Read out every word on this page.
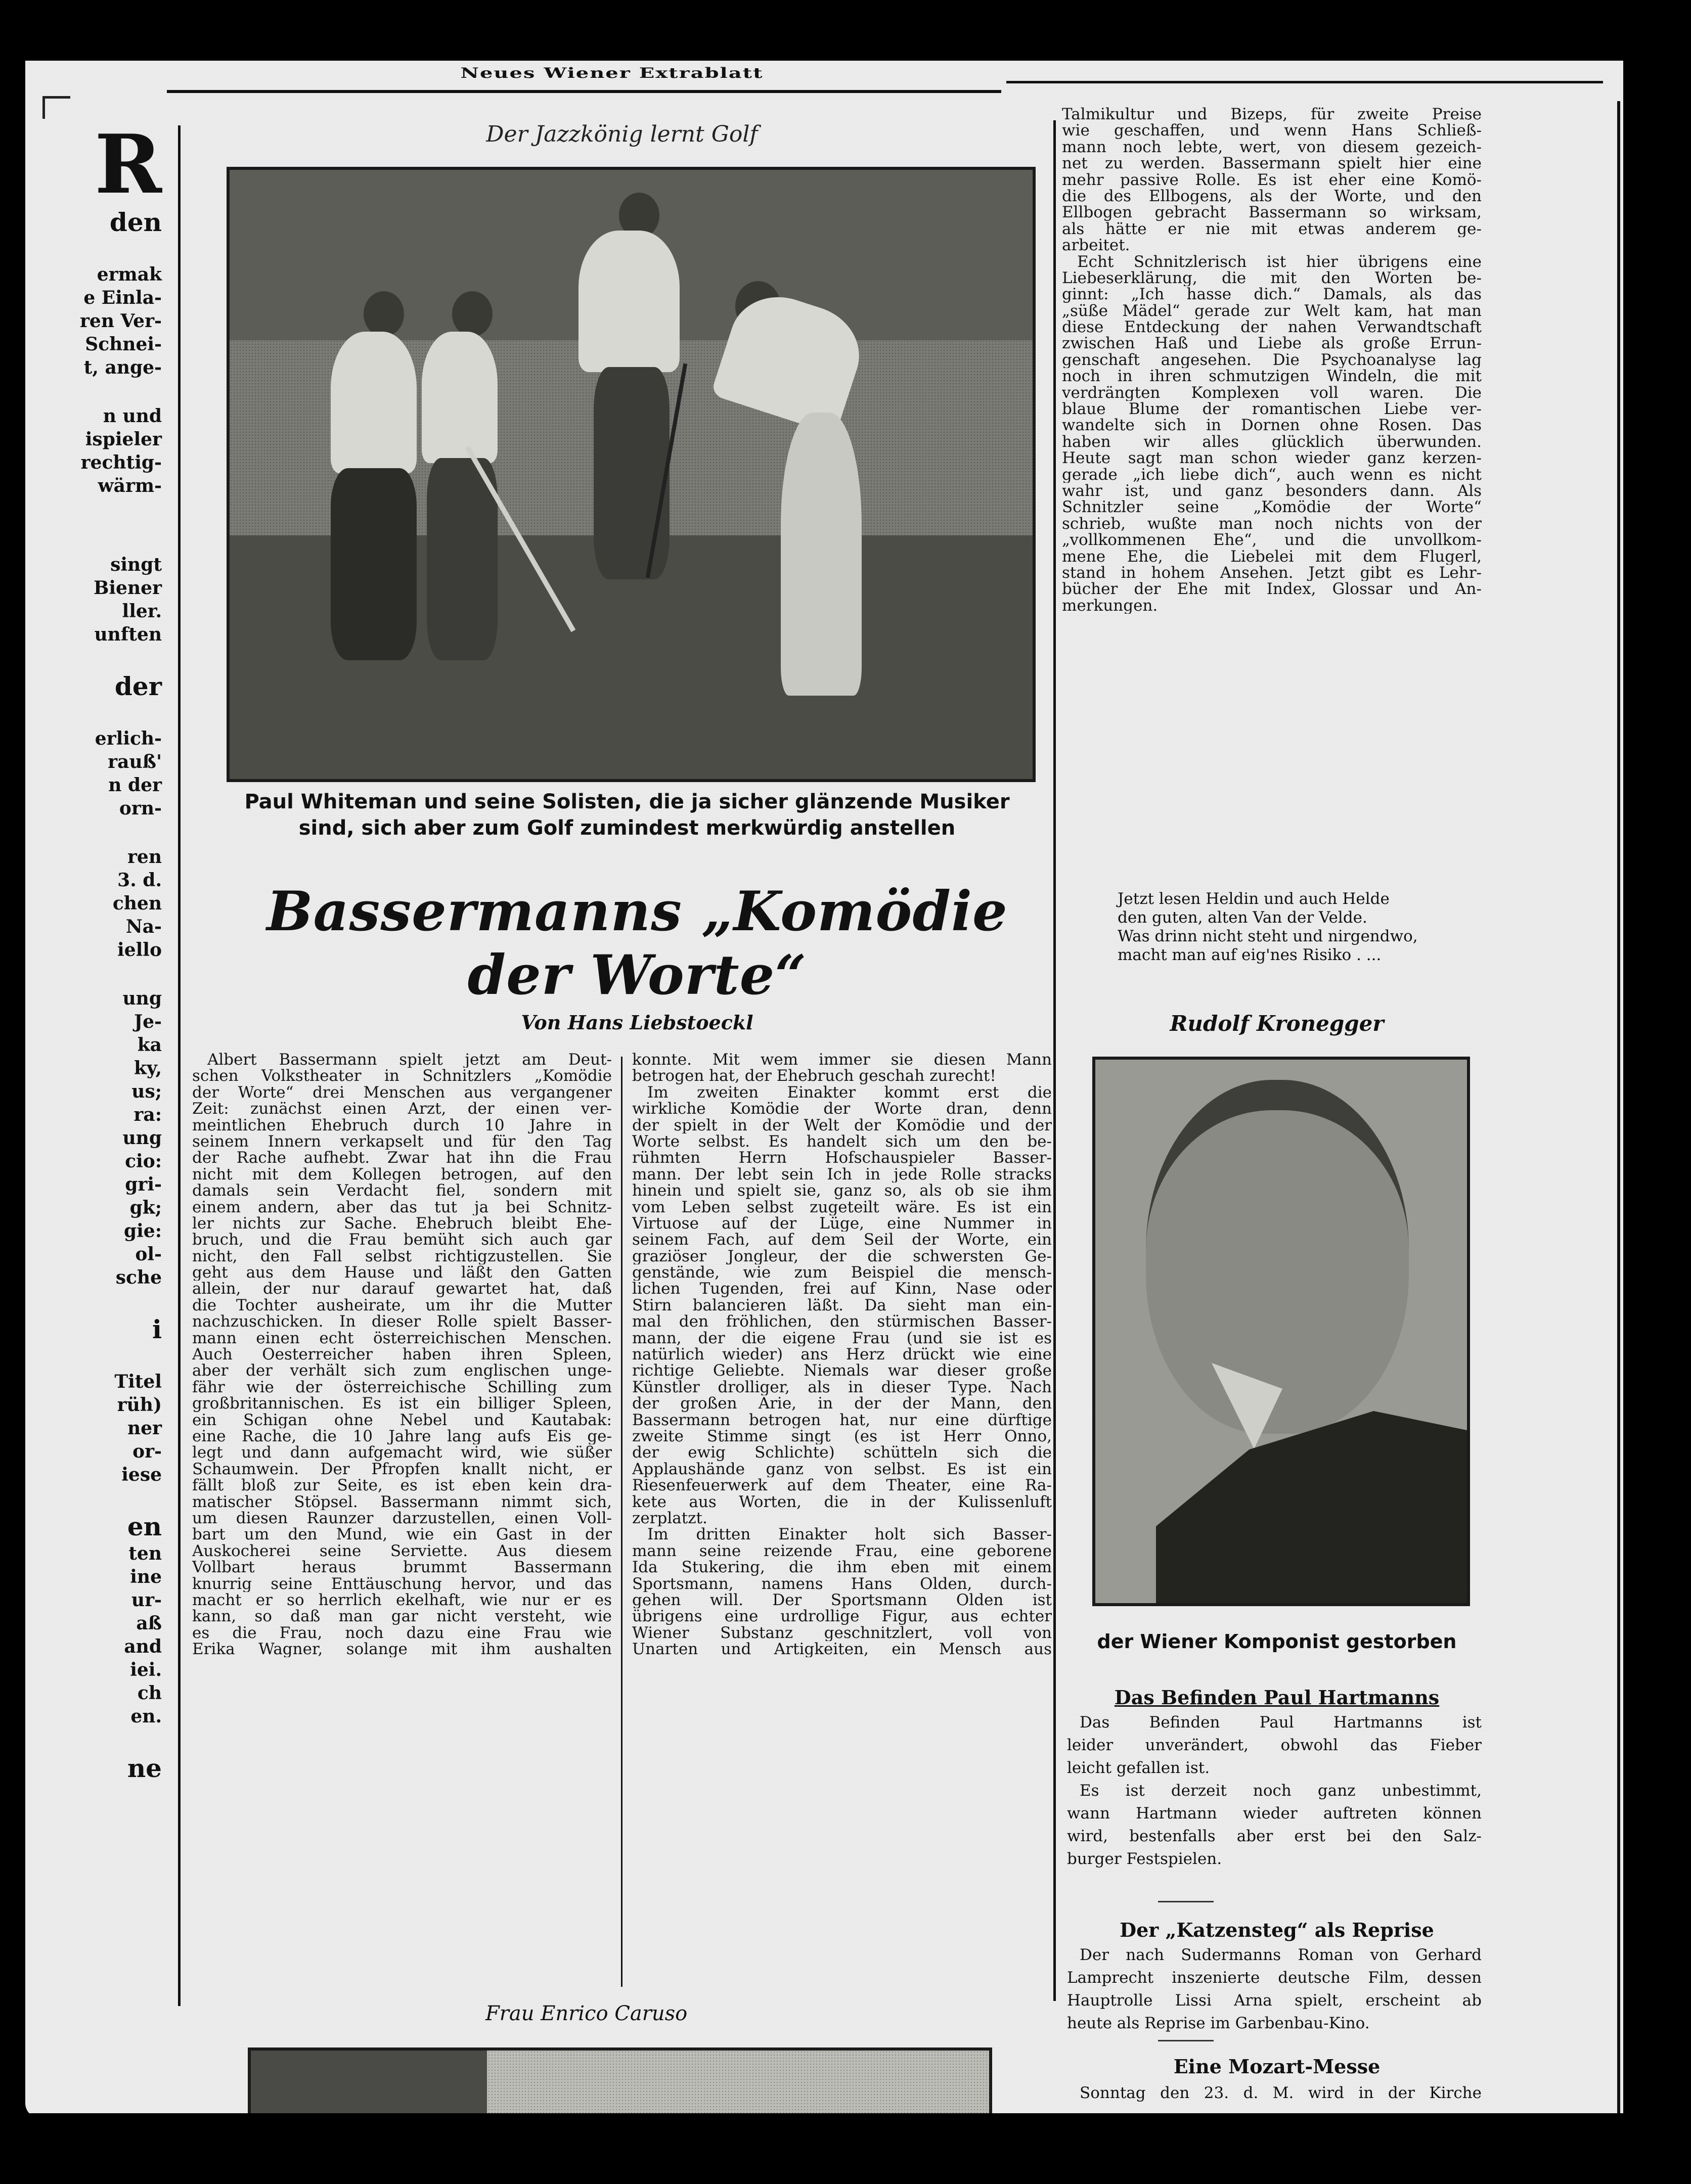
Neues Wiener Extrablatt
R
den
ermak
e Einla-
ren Ver-
Schnei-
t, ange-
n und
ispieler
rechtig-
wärm-
singt
Biener
ller.
unften
der
erlich-
rauß'
n der
orn-
ren
3. d.
chen
Na-
iello
ung
Je-
ka
ky,
us;
ra:
ung
cio:
gri-
gk;
gie:
ol-
sche
i
Titel
rüh)
ner
or-
iese
en
ten
ine
ur-
aß
and
iei.
ch
en.
ne
Der Jazzkönig lernt Golf
Paul Whiteman und seine Solisten, die ja sicher glänzende Musiker
sind, sich aber zum Golf zumindest merkwürdig anstellen
Bassermanns „Komödie
der Worte“
Von Hans Liebstoeckl
Albert Bassermann spielt jetzt am Deut-
schen Volkstheater in Schnitzlers „Komödie
der Worte“ drei Menschen aus vergangener
Zeit: zunächst einen Arzt, der einen ver-
meintlichen Ehebruch durch 10 Jahre in
seinem Innern verkapselt und für den Tag
der Rache aufhebt. Zwar hat ihn die Frau
nicht mit dem Kollegen betrogen, auf den
damals sein Verdacht fiel, sondern mit
einem andern, aber das tut ja bei Schnitz-
ler nichts zur Sache. Ehebruch bleibt Ehe-
bruch, und die Frau bemüht sich auch gar
nicht, den Fall selbst richtigzustellen. Sie
geht aus dem Hause und läßt den Gatten
allein, der nur darauf gewartet hat, daß
die Tochter ausheirate, um ihr die Mutter
nachzuschicken. In dieser Rolle spielt Basser-
mann einen echt österreichischen Menschen.
Auch Oesterreicher haben ihren Spleen,
aber der verhält sich zum englischen unge-
fähr wie der österreichische Schilling zum
großbritannischen. Es ist ein billiger Spleen,
ein Schigan ohne Nebel und Kautabak:
eine Rache, die 10 Jahre lang aufs Eis ge-
legt und dann aufgemacht wird, wie süßer
Schaumwein. Der Pfropfen knallt nicht, er
fällt bloß zur Seite, es ist eben kein dra-
matischer Stöpsel. Bassermann nimmt sich,
um diesen Raunzer darzustellen, einen Voll-
bart um den Mund, wie ein Gast in der
Auskocherei seine Serviette. Aus diesem
Vollbart heraus brummt Bassermann
knurrig seine Enttäuschung hervor, und das
macht er so herrlich ekelhaft, wie nur er es
kann, so daß man gar nicht versteht, wie
es die Frau, noch dazu eine Frau wie
Erika Wagner, solange mit ihm aushalten
konnte. Mit wem immer sie diesen Mann
betrogen hat, der Ehebruch geschah zurecht!
Im zweiten Einakter kommt erst die
wirkliche Komödie der Worte dran, denn
der spielt in der Welt der Komödie und der
Worte selbst. Es handelt sich um den be-
rühmten Herrn Hofschauspieler Basser-
mann. Der lebt sein Ich in jede Rolle stracks
hinein und spielt sie, ganz so, als ob sie ihm
vom Leben selbst zugeteilt wäre. Es ist ein
Virtuose auf der Lüge, eine Nummer in
seinem Fach, auf dem Seil der Worte, ein
graziöser Jongleur, der die schwersten Ge-
genstände, wie zum Beispiel die mensch-
lichen Tugenden, frei auf Kinn, Nase oder
Stirn balancieren läßt. Da sieht man ein-
mal den fröhlichen, den stürmischen Basser-
mann, der die eigene Frau (und sie ist es
natürlich wieder) ans Herz drückt wie eine
richtige Geliebte. Niemals war dieser große
Künstler drolliger, als in dieser Type. Nach
der großen Arie, in der der Mann, den
Bassermann betrogen hat, nur eine dürftige
zweite Stimme singt (es ist Herr Onno,
der ewig Schlichte) schütteln sich die
Applaushände ganz von selbst. Es ist ein
Riesenfeuerwerk auf dem Theater, eine Ra-
kete aus Worten, die in der Kulissenluft
zerplatzt.
Im dritten Einakter holt sich Basser-
mann seine reizende Frau, eine geborene
Ida Stukering, die ihm eben mit einem
Sportsmann, namens Hans Olden, durch-
gehen will. Der Sportsmann Olden ist
übrigens eine urdrollige Figur, aus echter
Wiener Substanz geschnitzlert, voll von
Unarten und Artigkeiten, ein Mensch aus
Talmikultur und Bizeps, für zweite Preise
wie geschaffen, und wenn Hans Schließ-
mann noch lebte, wert, von diesem gezeich-
net zu werden. Bassermann spielt hier eine
mehr passive Rolle. Es ist eher eine Komö-
die des Ellbogens, als der Worte, und den
Ellbogen gebracht Bassermann so wirksam,
als hätte er nie mit etwas anderem ge-
arbeitet.
Echt Schnitzlerisch ist hier übrigens eine
Liebeserklärung, die mit den Worten be-
ginnt: „Ich hasse dich.“ Damals, als das
„süße Mädel“ gerade zur Welt kam, hat man
diese Entdeckung der nahen Verwandtschaft
zwischen Haß und Liebe als große Errun-
genschaft angesehen. Die Psychoanalyse lag
noch in ihren schmutzigen Windeln, die mit
verdrängten Komplexen voll waren. Die
blaue Blume der romantischen Liebe ver-
wandelte sich in Dornen ohne Rosen. Das
haben wir alles glücklich überwunden.
Heute sagt man schon wieder ganz kerzen-
gerade „ich liebe dich“, auch wenn es nicht
wahr ist, und ganz besonders dann. Als
Schnitzler seine „Komödie der Worte“
schrieb, wußte man noch nichts von der
„vollkommenen Ehe“, und die unvollkom-
mene Ehe, die Liebelei mit dem Flugerl,
stand in hohem Ansehen. Jetzt gibt es Lehr-
bücher der Ehe mit Index, Glossar und An-
merkungen.
Jetzt lesen Heldin und auch Helde
den guten, alten Van der Velde.
Was drinn nicht steht und nirgendwo,
macht man auf eig'nes Risiko . ...
Rudolf Kronegger
der Wiener Komponist gestorben
Das Befinden Paul Hartmanns
Das Befinden Paul Hartmanns ist
leider unverändert, obwohl das Fieber
leicht gefallen ist.
Es ist derzeit noch ganz unbestimmt,
wann Hartmann wieder auftreten können
wird, bestenfalls aber erst bei den Salz-
burger Festspielen.
Der „Katzensteg“ als Reprise
Der nach Sudermanns Roman von Gerhard
Lamprecht inszenierte deutsche Film, dessen
Hauptrolle Lissi Arna spielt, erscheint ab
heute als Reprise im Garbenbau-Kino.
Eine Mozart-Messe
Sonntag den 23. d. M. wird in der Kirche
Frau Enrico Caruso
